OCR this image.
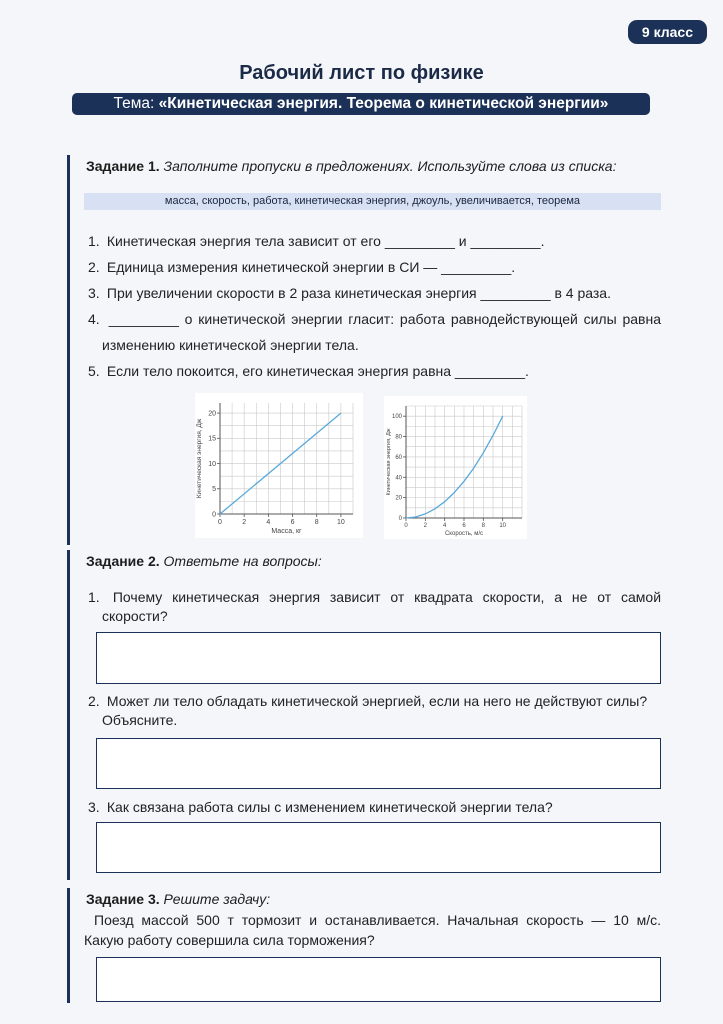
9 класс
Рабочий лист по физике
Тема: «Кинетическая энергия. Теорема о кинетической энергии»
Задание 1. Заполните пропуски в предложениях. Используйте слова из списка:
масса, скорость, работа, кинетическая энергия, джоуль, увеличивается, теорема
1. Кинетическая энергия тела зависит от его _________ и _________.
2. Единица измерения кинетической энергии в СИ — _________.
3. При увеличении скорости в 2 раза кинетическая энергия _________ в 4 раза.
4. _________ о кинетической энергии гласит: работа равнодействующей силы равна
изменению кинетической энергии тела.
5. Если тело покоится, его кинетическая энергия равна _________.
0	2	4	6	8	10
0
5
10
15
20
Масса, кг
Кинетическая энергия, Дж
0	2	4	6	8 10
0
20
40
60
80
100
Скорость, м/с
Кинетическая энергия, Дж
Задание 2. Ответьте на вопросы:
1. Почему кинетическая энергия зависит от квадрата скорости, а не от самой
скорости?
2. Может ли тело обладать кинетической энергией, если на него не действуют силы?
Объясните.
3. Как связана работа силы с изменением кинетической энергии тела?
Задание 3. Решите задачу:
Поезд массой 500 т тормозит и останавливается. Начальная скорость — 10 м/с.
Какую работу совершила сила торможения?
